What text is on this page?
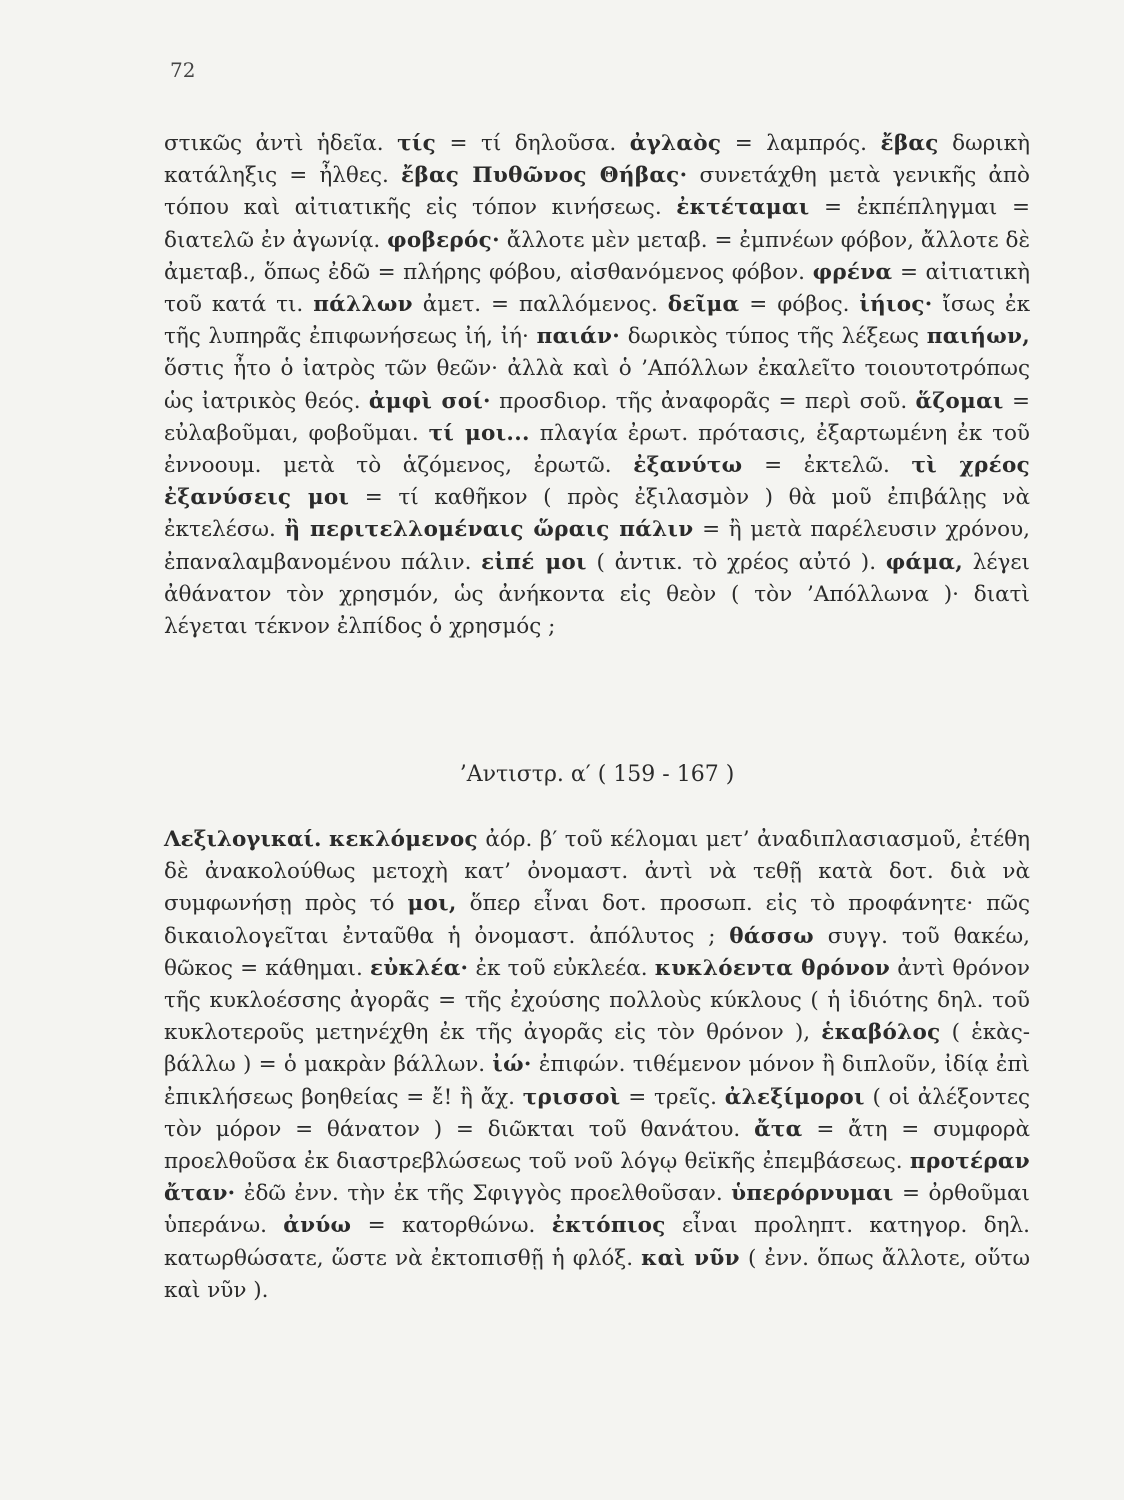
72
στικῶς ἀντὶ ἡδεῖα. τίς = τί δηλοῦσα. ἀγλαὸς = λαμπρός. ἔβας δωρικὴ κατάληξις = ἦλθες. ἔβας Πυθῶνος Θήβας· συνετάχθη μετὰ γενικῆς ἀπὸ τόπου καὶ αἰτιατικῆς εἰς τόπον κινήσεως. ἐκτέταμαι = ἐκπέπληγμαι = διατελῶ ἐν ἀγωνίᾳ. φοβερός· ἄλλοτε μὲν μεταβ. = ἐμπνέων φόβον, ἄλλοτε δὲ ἀμεταβ., ὅπως ἐδῶ = πλήρης φόβου, αἰσθανόμενος φόβον. φρένα = αἰτιατικὴ τοῦ κατά τι. πάλλων ἀμετ. = παλλόμενος. δεῖμα = φόβος. ἰήιος· ἴσως ἐκ τῆς λυπηρᾶς ἐπιφωνήσεως ἰή, ἰή· παιάν· δωρικὸς τύπος τῆς λέξεως παιήων, ὅστις ἦτο ὁ ἰατρὸς τῶν θεῶν· ἀλλὰ καὶ ὁ ’Απόλλων ἐκαλεῖτο τοιουτοτρόπως ὡς ἰατρικὸς θεός. ἀμφὶ σοί· προσδιορ. τῆς ἀναφορᾶς = περὶ σοῦ. ἅζομαι = εὐλαβοῦμαι, φοβοῦμαι. τί μοι... πλαγία ἐρωτ. πρότασις, ἐξαρτωμένη ἐκ τοῦ ἐννοουμ. μετὰ τὸ ἁζόμενος, ἐρωτῶ. ἐξανύτω = ἐκτελῶ. τὶ χρέος ἐξανύσεις μοι = τί καθῆκον ( πρὸς ἐξιλασμὸν ) θὰ μοῦ ἐπιβάλῃς νὰ ἐκτελέσω. ἢ περιτελλομέναις ὥραις πάλιν = ἢ μετὰ παρέλευσιν χρόνου, ἐπαναλαμβανομένου πάλιν. εἰπέ μοι ( ἀντικ. τὸ χρέος αὐτό ). φάμα, λέγει ἀθάνατον τὸν χρησμόν, ὡς ἀνήκοντα εἰς θεὸν ( τὸν ’Απόλλωνα )· διατὶ λέγεται τέκνον ἐλπίδος ὁ χρησμός ;
’Αντιστρ. α′ ( 159 - 167 )
Λεξιλογικαί. κεκλόμενος ἀόρ. β′ τοῦ κέλομαι μετ’ ἀναδιπλασιασμοῦ, ἐτέθη δὲ ἀνακολούθως μετοχὴ κατ’ ὀνομαστ. ἀντὶ νὰ τεθῇ κατὰ δοτ. διὰ νὰ συμφωνήσῃ πρὸς τό μοι, ὅπερ εἶναι δοτ. προσωπ. εἰς τὸ προφάνητε· πῶς δικαιολογεῖται ἐνταῦθα ἡ ὀνομαστ. ἀπόλυτος ; θάσσω συγγ. τοῦ θακέω, θῶκος = κάθημαι. εὐκλέα· ἐκ τοῦ εὐκλεέα. κυκλόεντα θρόνον ἀντὶ θρόνον τῆς κυκλοέσσης ἀγορᾶς = τῆς ἐχούσης πολλοὺς κύκλους ( ἡ ἰδιότης δηλ. τοῦ κυκλοτεροῦς μετηνέχθη ἐκ τῆς ἀγορᾶς εἰς τὸν θρόνον ), ἑκαβόλος ( ἑκὰς-βάλλω ) = ὁ μακρὰν βάλλων. ἰώ· ἐπιφών. τιθέμενον μόνον ἢ διπλοῦν, ἰδίᾳ ἐπὶ ἐπικλήσεως βοηθείας = ἔ! ἢ ἄχ. τρισσοὶ = τρεῖς. ἀλεξίμοροι ( οἱ ἀλέξοντες τὸν μόρον = θάνατον ) = διῶκται τοῦ θανάτου. ἄτα = ἄτη = συμφορὰ προελθοῦσα ἐκ διαστρεβλώσεως τοῦ νοῦ λόγῳ θεϊκῆς ἐπεμβάσεως. προτέραν ἄταν· ἐδῶ ἐνν. τὴν ἐκ τῆς Σφιγγὸς προελθοῦσαν. ὑπερόρνυμαι = ὀρθοῦμαι ὑπεράνω. ἀνύω = κατορθώνω. ἐκτόπιος εἶναι προληπτ. κατηγορ. δηλ. κατωρθώσατε, ὥστε νὰ ἐκτοπισθῇ ἡ φλόξ. καὶ νῦν ( ἐνν. ὅπως ἄλλοτε, οὕτω καὶ νῦν ).
